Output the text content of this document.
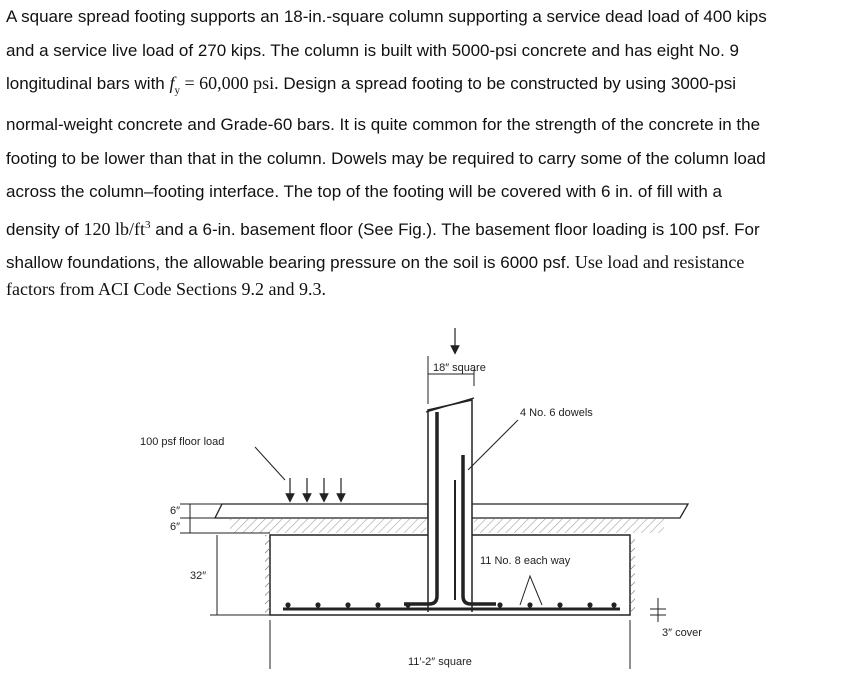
A square spread footing supports an 18-in.-square column supporting a service dead load of 400 kips
and a service live load of 270 kips. The column is built with 5000-psi concrete and has eight No. 9
longitudinal bars with $f_y = 60,000$ psi. Design a spread footing to be constructed by using 3000-psi
normal-weight concrete and Grade-60 bars. It is quite common for the strength of the concrete in the
footing to be lower than that in the column. Dowels may be required to carry some of the column load
across the column–footing interface. The top of the footing will be covered with 6 in. of fill with a
density of 120 $lb/ft^3$ and a 6-in. basement floor (See Fig.). The basement floor loading is 100 psf. For
shallow foundations, the allowable bearing pressure on the soil is 6000 psf. Use load and resistance
factors from ACI Code Sections 9.2 and 9.3.
18″ square
4 No. 6 dowels
100 psf floor load
6″
6″
32″
11 No. 8 each way
3″ cover
11′-2″ square
